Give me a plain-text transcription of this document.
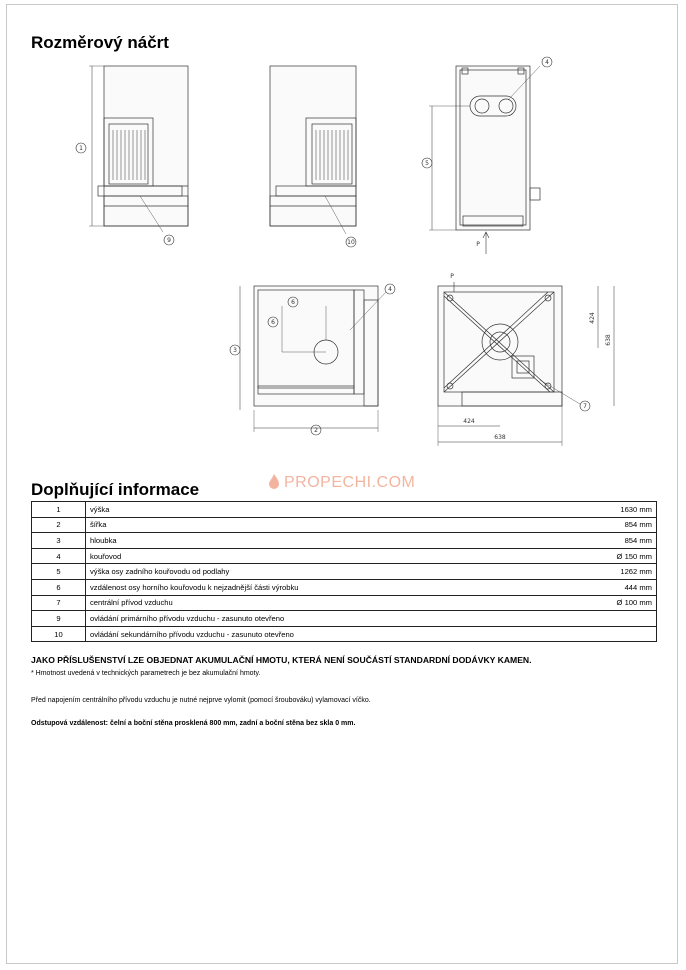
Rozměrový náčrt
1
9	10
4
5
P
6
6
3
2
4
7
P
424
638
424
638
PROPECHI.COM
Doplňující informace
1	výška	1630 mm
2	šířka	854 mm
3	hloubka	854 mm
4	kouřovod	Ø 150 mm
5	výška osy zadního kouřovodu od podlahy	1262 mm
6	vzdálenost osy horního kouřovodu k nejzadnější části výrobku	444 mm
7	centrální přívod vzduchu	Ø 100 mm
9	ovládání primárního přívodu vzduchu - zasunuto otevřeno	
10	ovládání sekundárního přívodu vzduchu - zasunuto otevřeno	

JAKO PŘÍSLUŠENSTVÍ LZE OBJEDNAT AKUMULAČNÍ HMOTU, KTERÁ NENÍ SOUČÁSTÍ STANDARDNÍ DODÁVKY KAMEN.

* Hmotnost uvedená v technických parametrech je bez akumulační hmoty.

Před napojením centrálního přívodu vzduchu je nutné nejprve vylomit (pomocí šroubováku) vylamovací víčko.

Odstupová vzdálenost: čelní a boční stěna prosklená 800 mm, zadní a boční stěna bez skla 0 mm.
